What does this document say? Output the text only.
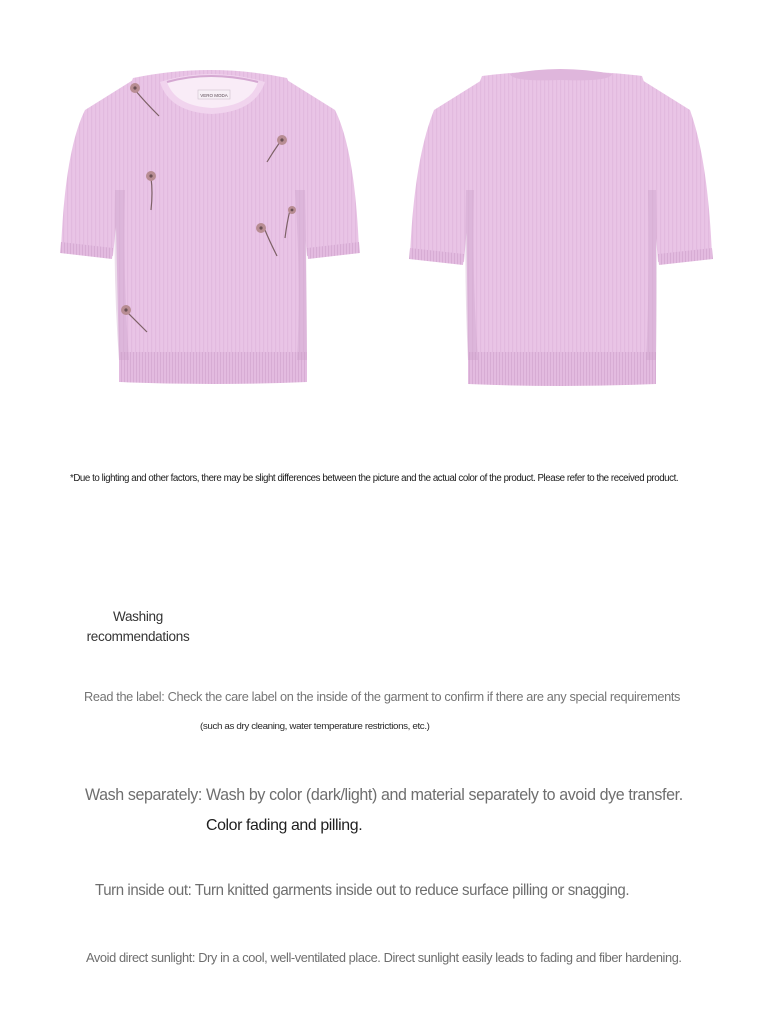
VERO MODA
*Due to lighting and other factors, there may be slight differences between the picture and the actual color of the product. Please refer to the received product.
Washing
recommendations
Read the label: Check the care label on the inside of the garment to confirm if there are any special requirements
(such as dry cleaning, water temperature restrictions, etc.)
Wash separately: Wash by color (dark/light) and material separately to avoid dye transfer.
Color fading and pilling.
Turn inside out: Turn knitted garments inside out to reduce surface pilling or snagging.
Avoid direct sunlight: Dry in a cool, well-ventilated place. Direct sunlight easily leads to fading and fiber hardening.
